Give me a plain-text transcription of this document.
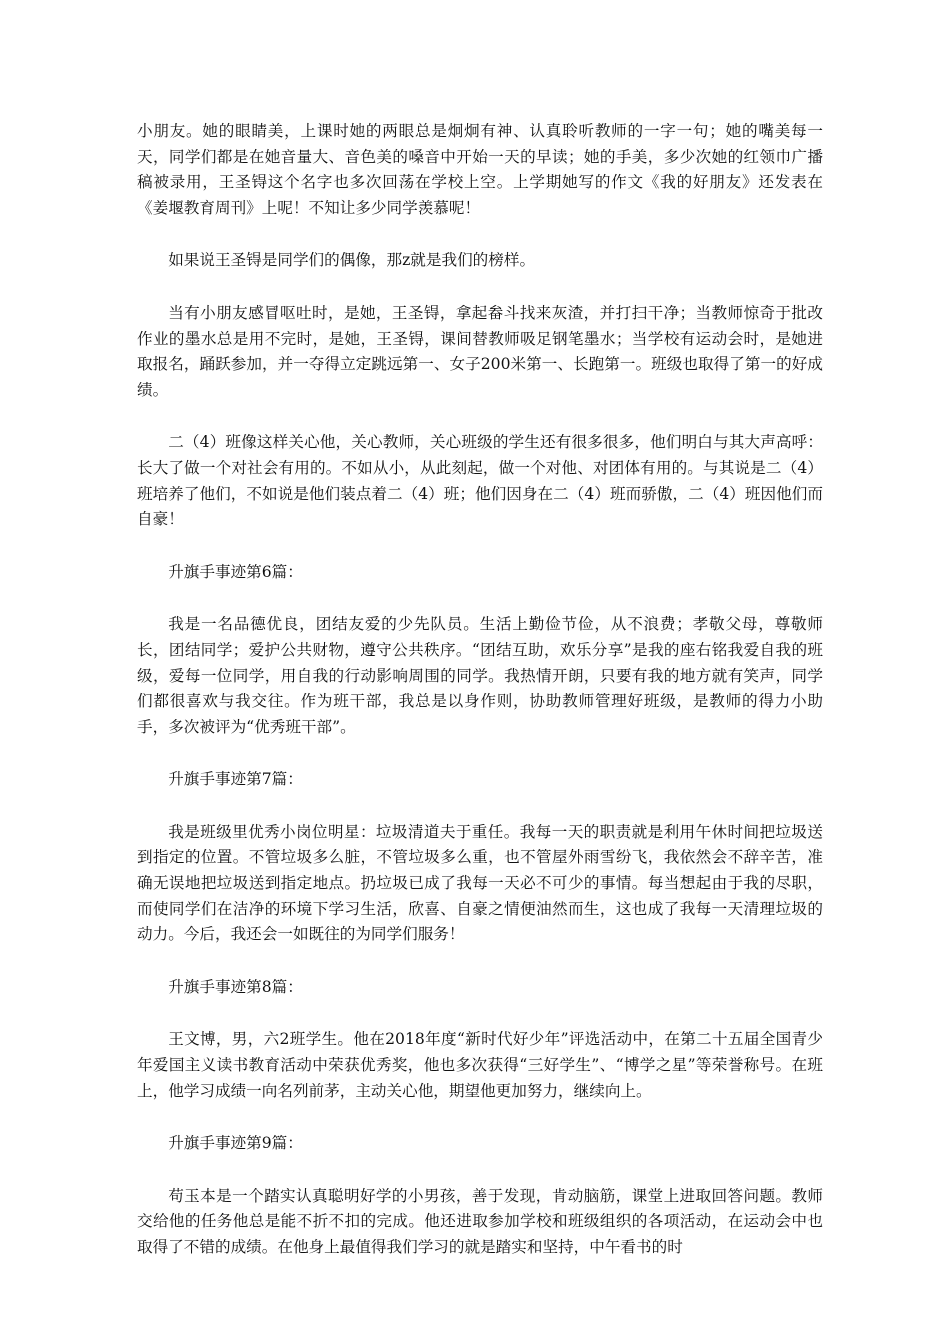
小朋友。她的眼睛美，上课时她的两眼总是炯炯有神、认真聆听教师的一字一句；她的嘴美每一天，同学们都是在她音量大、音色美的嗓音中开始一天的早读；她的手美，多少次她的红领巾广播稿被录用，王圣锝这个名字也多次回荡在学校上空。上学期她写的作文《我的好朋友》还发表在《姜堰教育周刊》上呢！不知让多少同学羡慕呢！

如果说王圣锝是同学们的偶像，那z就是我们的榜样。

当有小朋友感冒呕吐时，是她，王圣锝，拿起畚斗找来灰渣，并打扫干净；当教师惊奇于批改作业的墨水总是用不完时，是她，王圣锝，课间替教师吸足钢笔墨水；当学校有运动会时，是她进取报名，踊跃参加，并一夺得立定跳远第一、女子200米第一、长跑第一。班级也取得了第一的好成绩。

二（4）班像这样关心他，关心教师，关心班级的学生还有很多很多，他们明白与其大声高呼：长大了做一个对社会有用的。不如从小，从此刻起，做一个对他、对团体有用的。与其说是二（4）班培养了他们，不如说是他们装点着二（4）班；他们因身在二（4）班而骄傲，二（4）班因他们而自豪！

升旗手事迹第6篇：

我是一名品德优良，团结友爱的少先队员。生活上勤俭节俭，从不浪费；孝敬父母，尊敬师长，团结同学；爱护公共财物，遵守公共秩序。“团结互助，欢乐分享”是我的座右铭我爱自我的班级，爱每一位同学，用自我的行动影响周围的同学。我热情开朗，只要有我的地方就有笑声，同学们都很喜欢与我交往。作为班干部，我总是以身作则，协助教师管理好班级，是教师的得力小助手，多次被评为“优秀班干部”。

升旗手事迹第7篇：

我是班级里优秀小岗位明星：垃圾清道夫于重任。我每一天的职责就是利用午休时间把垃圾送到指定的位置。不管垃圾多么脏，不管垃圾多么重，也不管屋外雨雪纷飞，我依然会不辞辛苦，准确无误地把垃圾送到指定地点。扔垃圾已成了我每一天必不可少的事情。每当想起由于我的尽职，而使同学们在洁净的环境下学习生活，欣喜、自豪之情便油然而生，这也成了我每一天清理垃圾的动力。今后，我还会一如既往的为同学们服务！

升旗手事迹第8篇：

王文博，男，六2班学生。他在2018年度“新时代好少年”评选活动中，在第二十五届全国青少年爱国主义读书教育活动中荣获优秀奖，他也多次获得“三好学生”、“博学之星”等荣誉称号。在班上，他学习成绩一向名列前茅，主动关心他，期望他更加努力，继续向上。

升旗手事迹第9篇：

苟玉本是一个踏实认真聪明好学的小男孩，善于发现，肯动脑筋，课堂上进取回答问题。教师交给他的任务他总是能不折不扣的完成。他还进取参加学校和班级组织的各项活动，在运动会中也取得了不错的成绩。在他身上最值得我们学习的就是踏实和坚持，中午看书的时
